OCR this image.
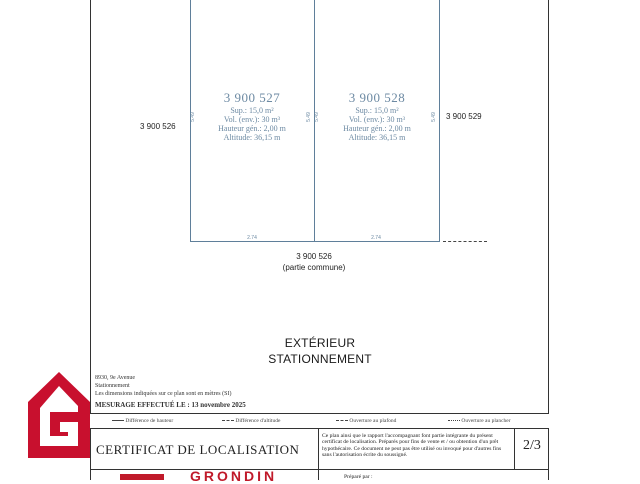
3 900 527
Sup.: 15,0 m²
Vol. (env.): 30 m³
Hauteur gén.: 2,00 m
Altitude: 36,15 m
3 900 528
Sup.: 15,0 m²
Vol. (env.): 30 m³
Hauteur gén.: 2,00 m
Altitude: 36,15 m
5.49	5.49 5.49	5.49
2.74	2.74
3 900 526
3 900 529
3 900 526
(partie commune)
EXTÉRIEUR
STATIONNEMENT
8930, 9e Avenue
Stationnement
Les dimensions indiquées sur ce plan sont en mètres (SI)
MESURAGE EFFECTUÉ LE : 13 novembre 2025
Différence de hauteur	Différence d'altitude	Ouverture au plafond	Ouverture au plancher
CERTIFICAT DE LOCALISATION
Ce plan ainsi que le rapport l'accompagnant font partie intégrante du présent certificat de localisation. Préparés pour fins de vente et / ou obtention d'un prêt hypothécaire. Ce document ne peut pas être utilisé ou invoqué pour d'autres fins sans l'autorisation écrite du soussigné.
2/3
GRONDIN	Préparé par :
